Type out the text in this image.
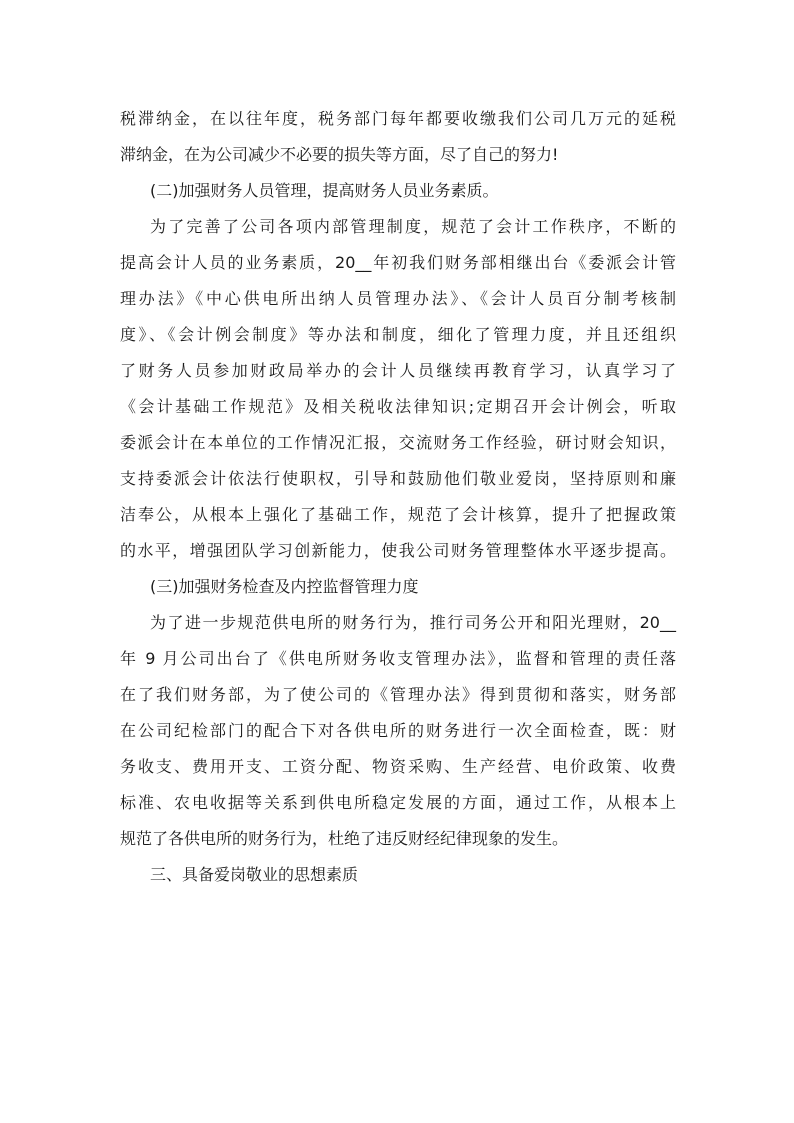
税滞纳金，在以往年度，税务部门每年都要收缴我们公司几万元的延税
滞纳金，在为公司减少不必要的损失等方面，尽了自己的努力!
(二)加强财务人员管理，提高财务人员业务素质。
为了完善了公司各项内部管理制度，规范了会计工作秩序，不断的
提高会计人员的业务素质，20__年初我们财务部相继出台《委派会计管
理办法》《中心供电所出纳人员管理办法》、《会计人员百分制考核制
度》、《会计例会制度》等办法和制度，细化了管理力度，并且还组织
了财务人员参加财政局举办的会计人员继续再教育学习，认真学习了
《会计基础工作规范》及相关税收法律知识;定期召开会计例会，听取
委派会计在本单位的工作情况汇报，交流财务工作经验，研讨财会知识，
支持委派会计依法行使职权，引导和鼓励他们敬业爱岗，坚持原则和廉
洁奉公，从根本上强化了基础工作，规范了会计核算，提升了把握政策
的水平，增强团队学习创新能力，使我公司财务管理整体水平逐步提高。
(三)加强财务检查及内控监督管理力度
为了进一步规范供电所的财务行为，推行司务公开和阳光理财，20__
年 9 月公司出台了《供电所财务收支管理办法》，监督和管理的责任落
在了我们财务部，为了使公司的《管理办法》得到贯彻和落实，财务部
在公司纪检部门的配合下对各供电所的财务进行一次全面检查，既：财
务收支、费用开支、工资分配、物资采购、生产经营、电价政策、收费
标准、农电收据等关系到供电所稳定发展的方面，通过工作，从根本上
规范了各供电所的财务行为，杜绝了违反财经纪律现象的发生。
三、具备爱岗敬业的思想素质
